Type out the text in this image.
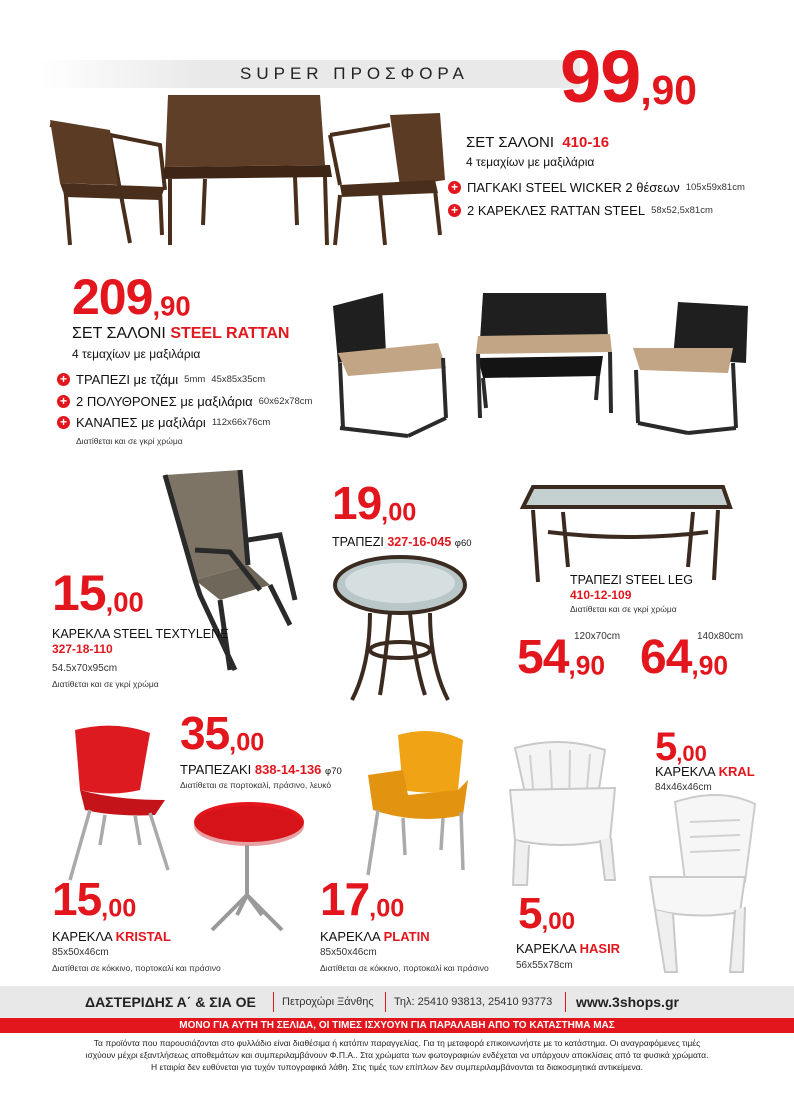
SUPER ΠΡΟΣΦΟΡΑ 99,90
ΣΕΤ ΣΑΛΟΝΙ 410-16
4 τεμαχίων με μαξιλάρια
+ ΠΑΓΚΑΚΙ STEEL WICKER 2 θέσεων 105x59x81cm
+ 2 ΚΑΡΕΚΛΕΣ RATTAN STEEL 58x52,5x81cm
209,90
ΣΕΤ ΣΑΛΟΝΙ STEEL RATTAN
4 τεμαχίων με μαξιλάρια
+ ΤΡΑΠΕΖΙ με τζάμι 5mm 45x85x35cm
+ 2 ΠΟΛΥΘΡΟΝΕΣ με μαξιλάρια 60x62x78cm
+ ΚΑΝΑΠΕΣ με μαξιλάρι 112x66x76cm
Διατίθεται και σε γκρί χρώμα
15,00
ΚΑΡΕΚΛΑ STEEL TEXTYLENE
327-18-110
54.5x70x95cm
Διατίθεται και σε γκρί χρώμα
19,00
ΤΡΑΠΕΖΙ 327-16-045 φ60
ΤΡΑΠΕΖΙ STEEL LEG
410-12-109
Διατίθεται και σε γκρί χρώμα
120x70cm
54,90
140x80cm
64,90
35,00
ΤΡΑΠΕΖΑΚΙ 838-14-136 φ70
Διατίθεται σε πορτοκαλί, πράσινο, λευκό
15,00
ΚΑΡΕΚΛΑ KRISTAL
85x50x46cm
Διατίθεται σε κόκκινο, πορτοκαλί και πράσινο
17,00
ΚΑΡΕΚΛΑ PLATIN
85x50x46cm
Διατίθεται σε κόκκινο, πορτοκαλί και πράσινο
5,00
ΚΑΡΕΚΛΑ HASIR
56x55x78cm
5,00
ΚΑΡΕΚΛΑ KRAL
84x46x46cm
ΔΑΣΤΕΡΙΔΗΣ Α΄ & ΣΙΑ ΟΕ Πετροχώρι Ξάνθης Τηλ: 25410 93813, 25410 93773 www.3shops.gr
ΜΟΝΟ ΓΙΑ ΑΥΤΗ ΤΗ ΣΕΛΙΔΑ, ΟΙ ΤΙΜΕΣ ΙΣΧΥΟΥΝ ΓΙΑ ΠΑΡΑΛΑΒΗ ΑΠΟ ΤΟ ΚΑΤΑΣΤΗΜΑ ΜΑΣ
Τα προϊόντα που παρουσιάζονται στο φυλλάδιο είναι διαθέσιμα ή κατόπιν παραγγελίας. Για τη μεταφορά επικοινωνήστε με το κατάστημα. Οι αναγραφόμενες τιμές
ισχύουν μέχρι εξαντλήσεως αποθεμάτων και συμπεριλαμβάνουν Φ.Π.Α.. Στα χρώματα των φωτογραφιών ενδέχεται να υπάρχουν αποκλίσεις από τα φυσικά χρώματα.
Η εταιρία δεν ευθύνεται για τυχόν τυπογραφικά λάθη. Στις τιμές των επίπλων δεν συμπεριλαμβάνονται τα διακοσμητικά αντικείμενα.
